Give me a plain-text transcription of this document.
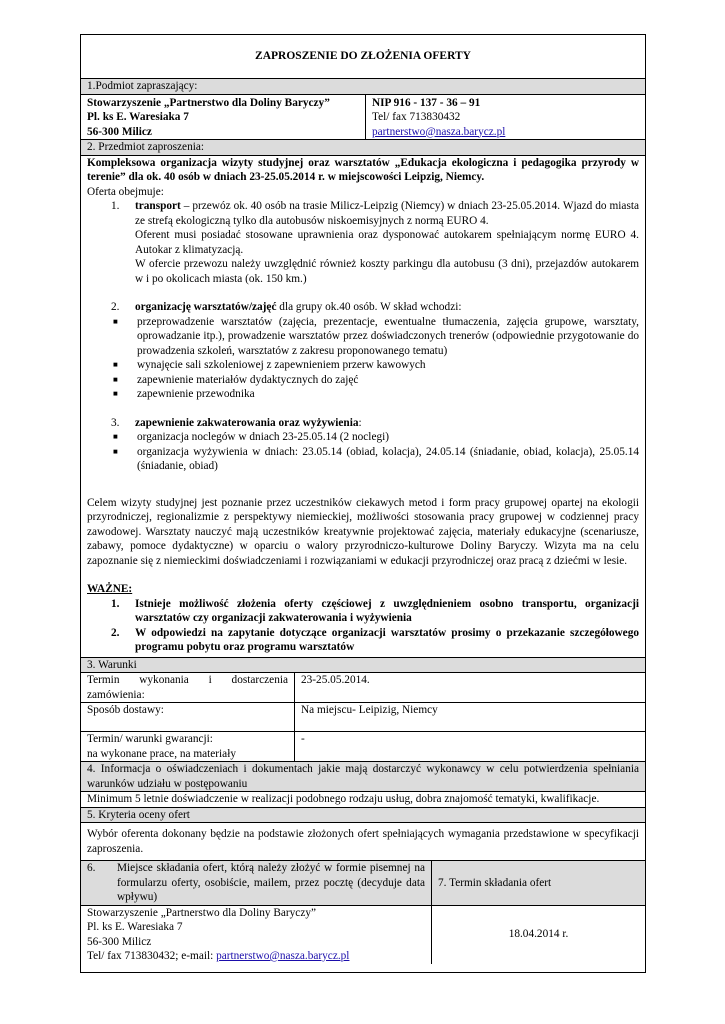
ZAPROSZENIE DO ZŁOŻENIA OFERTY
1.Podmiot zapraszający:
Stowarzyszenie „Partnerstwo dla Doliny Baryczy”
Pl. ks E. Waresiaka 7
56-300 Milicz
NIP 916 - 137 - 36 – 91
Tel/ fax 713830432
partnerstwo@nasza.barycz.pl
2. Przedmiot zaproszenia:
Kompleksowa organizacja wizyty studyjnej oraz warsztatów „Edukacja ekologiczna i pedagogika przyrody w terenie” dla ok. 40 osób w dniach 23-25.05.2014 r. w miejscowości Leipzig, Niemcy.
Oferta obejmuje:
1.	transport – przewóz ok. 40 osób na trasie Milicz-Leipzig (Niemcy) w dniach 23-25.05.2014. Wjazd do miasta ze strefą ekologiczną tylko dla autobusów niskoemisyjnych z normą EURO 4.
Oferent musi posiadać stosowane uprawnienia oraz dysponować autokarem spełniającym normę EURO 4. Autokar z klimatyzacją.
W ofercie przewozu należy uwzględnić również koszty parkingu dla autobusu (3 dni), przejazdów autokarem w i po okolicach miasta (ok. 150 km.)
2.	organizację warsztatów/zajęć dla grupy ok.40 osób. W skład wchodzi:
■	przeprowadzenie warsztatów (zajęcia, prezentacje, ewentualne tłumaczenia, zajęcia grupowe, warsztaty, oprowadzanie itp.), prowadzenie warsztatów przez doświadczonych trenerów (odpowiednie przygotowanie do prowadzenia szkoleń, warsztatów z zakresu proponowanego tematu)
■	wynajęcie sali szkoleniowej z zapewnieniem przerw kawowych
■	zapewnienie materiałów dydaktycznych do zajęć
■	zapewnienie przewodnika
3.	zapewnienie zakwaterowania oraz wyżywienia:
■	organizacja noclegów w dniach 23-25.05.14 (2 noclegi)
■	organizacja wyżywienia w dniach: 23.05.14 (obiad, kolacja), 24.05.14 (śniadanie, obiad, kolacja), 25.05.14 (śniadanie, obiad)
Celem wizyty studyjnej jest poznanie przez uczestników ciekawych metod i form pracy grupowej opartej na ekologii przyrodniczej, regionalizmie z perspektywy niemieckiej, możliwości stosowania pracy grupowej w codziennej pracy zawodowej. Warsztaty nauczyć mają uczestników kreatywnie projektować zajęcia, materiały edukacyjne (scenariusze, zabawy, pomoce dydaktyczne) w oparciu o walory przyrodniczo-kulturowe Doliny Baryczy. Wizyta ma na celu zapoznanie się z niemieckimi doświadczeniami i rozwiązaniami w edukacji przyrodniczej oraz pracą z dziećmi w lesie.
WAŻNE:
1.	Istnieje możliwość złożenia oferty częściowej z uwzględnieniem osobno transportu, organizacji warsztatów czy organizacji zakwaterowania i wyżywienia
2.	W odpowiedzi na zapytanie dotyczące organizacji warsztatów prosimy o przekazanie szczegółowego programu pobytu oraz programu warsztatów
3. Warunki
Termin wykonania i dostarczenia zamówienia:
23-25.05.2014.
Sposób dostawy:	Na miejscu- Leipizig, Niemcy
Termin/ warunki gwarancji:
na wykonane prace, na materiały
-
4. Informacja o oświadczeniach i dokumentach jakie mają dostarczyć wykonawcy w celu potwierdzenia spełniania warunków udziału w postępowaniu
Minimum 5 letnie doświadczenie w realizacji podobnego rodzaju usług, dobra znajomość tematyki, kwalifikacje.
5. Kryteria oceny ofert
Wybór oferenta dokonany będzie na podstawie złożonych ofert spełniających wymagania przedstawione w specyfikacji zaproszenia.
6.	Miejsce składania ofert, którą należy złożyć w formie pisemnej na formularzu oferty, osobiście, mailem, przez pocztę (decyduje data wpływu)
7. Termin składania ofert
Stowarzyszenie „Partnerstwo dla Doliny Baryczy”
Pl. ks E. Waresiaka 7
56-300 Milicz
Tel/ fax 713830432; e-mail: partnerstwo@nasza.barycz.pl
18.04.2014 r.
